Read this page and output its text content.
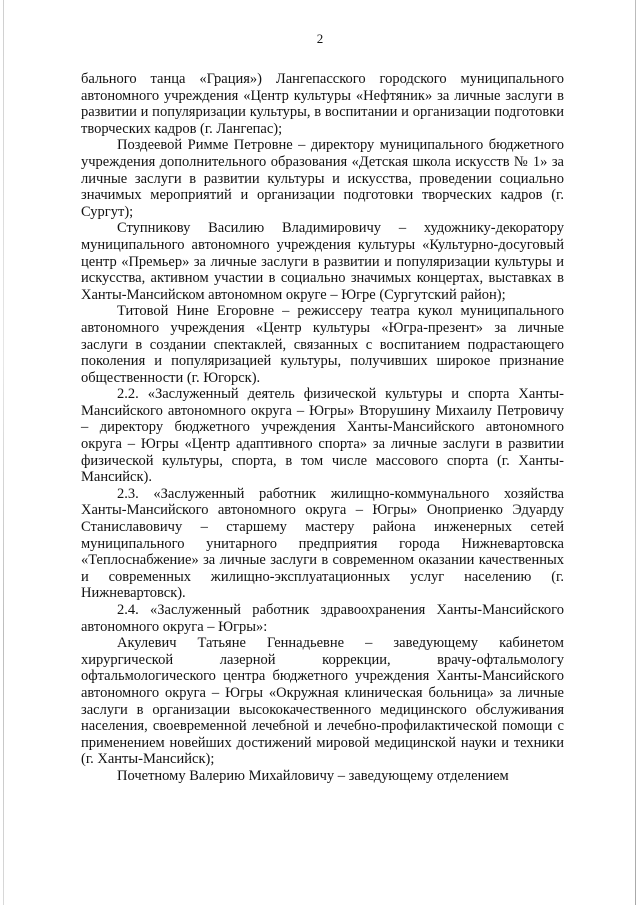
2

бального танца «Грация») Лангепасского городского муниципального автономного учреждения «Центр культуры «Нефтяник» за личные заслуги в развитии и популяризации культуры, в воспитании и организации подготовки творческих кадров (г. Лангепас);

Поздеевой Римме Петровне – директору муниципального бюджетного учреждения дополнительного образования «Детская школа искусств № 1» за личные заслуги в развитии культуры и искусства, проведении социально значимых мероприятий и организации подготовки творческих кадров (г. Сургут);

Ступникову Василию Владимировичу – художнику-декоратору муниципального автономного учреждения культуры «Культурно-досуговый центр «Премьер» за личные заслуги в развитии и популяризации культуры и искусства, активном участии в социально значимых концертах, выставках в Ханты-Мансийском автономном округе – Югре (Сургутский район);

Титовой Нине Егоровне – режиссеру театра кукол муниципального автономного учреждения «Центр культуры «Югра-презент» за личные заслуги в создании спектаклей, связанных с воспитанием подрастающего поколения и популяризацией культуры, получивших широкое признание общественности (г. Югорск).

2.2. «Заслуженный деятель физической культуры и спорта Ханты-Мансийского автономного округа – Югры» Вторушину Михаилу Петровичу – директору бюджетного учреждения Ханты-Мансийского автономного округа – Югры «Центр адаптивного спорта» за личные заслуги в развитии физической культуры, спорта, в том числе массового спорта (г. Ханты-Мансийск).

2.3. «Заслуженный работник жилищно-коммунального хозяйства Ханты-Мансийского автономного округа – Югры» Оноприенко Эдуарду Станиславовичу – старшему мастеру района инженерных сетей муниципального унитарного предприятия города Нижневартовска «Теплоснабжение» за личные заслуги в современном оказании качественных и современных жилищно-эксплуатационных услуг населению (г. Нижневартовск).

2.4. «Заслуженный работник здравоохранения Ханты-Мансийского автономного округа – Югры»:

Акулевич Татьяне Геннадьевне – заведующему кабинетом хирургической лазерной коррекции, врачу-офтальмологу офтальмологического центра бюджетного учреждения Ханты-Мансийского автономного округа – Югры «Окружная клиническая больница» за личные заслуги в организации высококачественного медицинского обслуживания населения, своевременной лечебной и лечебно-профилактической помощи с применением новейших достижений мировой медицинской науки и техники (г. Ханты-Мансийск);

Почетному Валерию Михайловичу – заведующему отделением
